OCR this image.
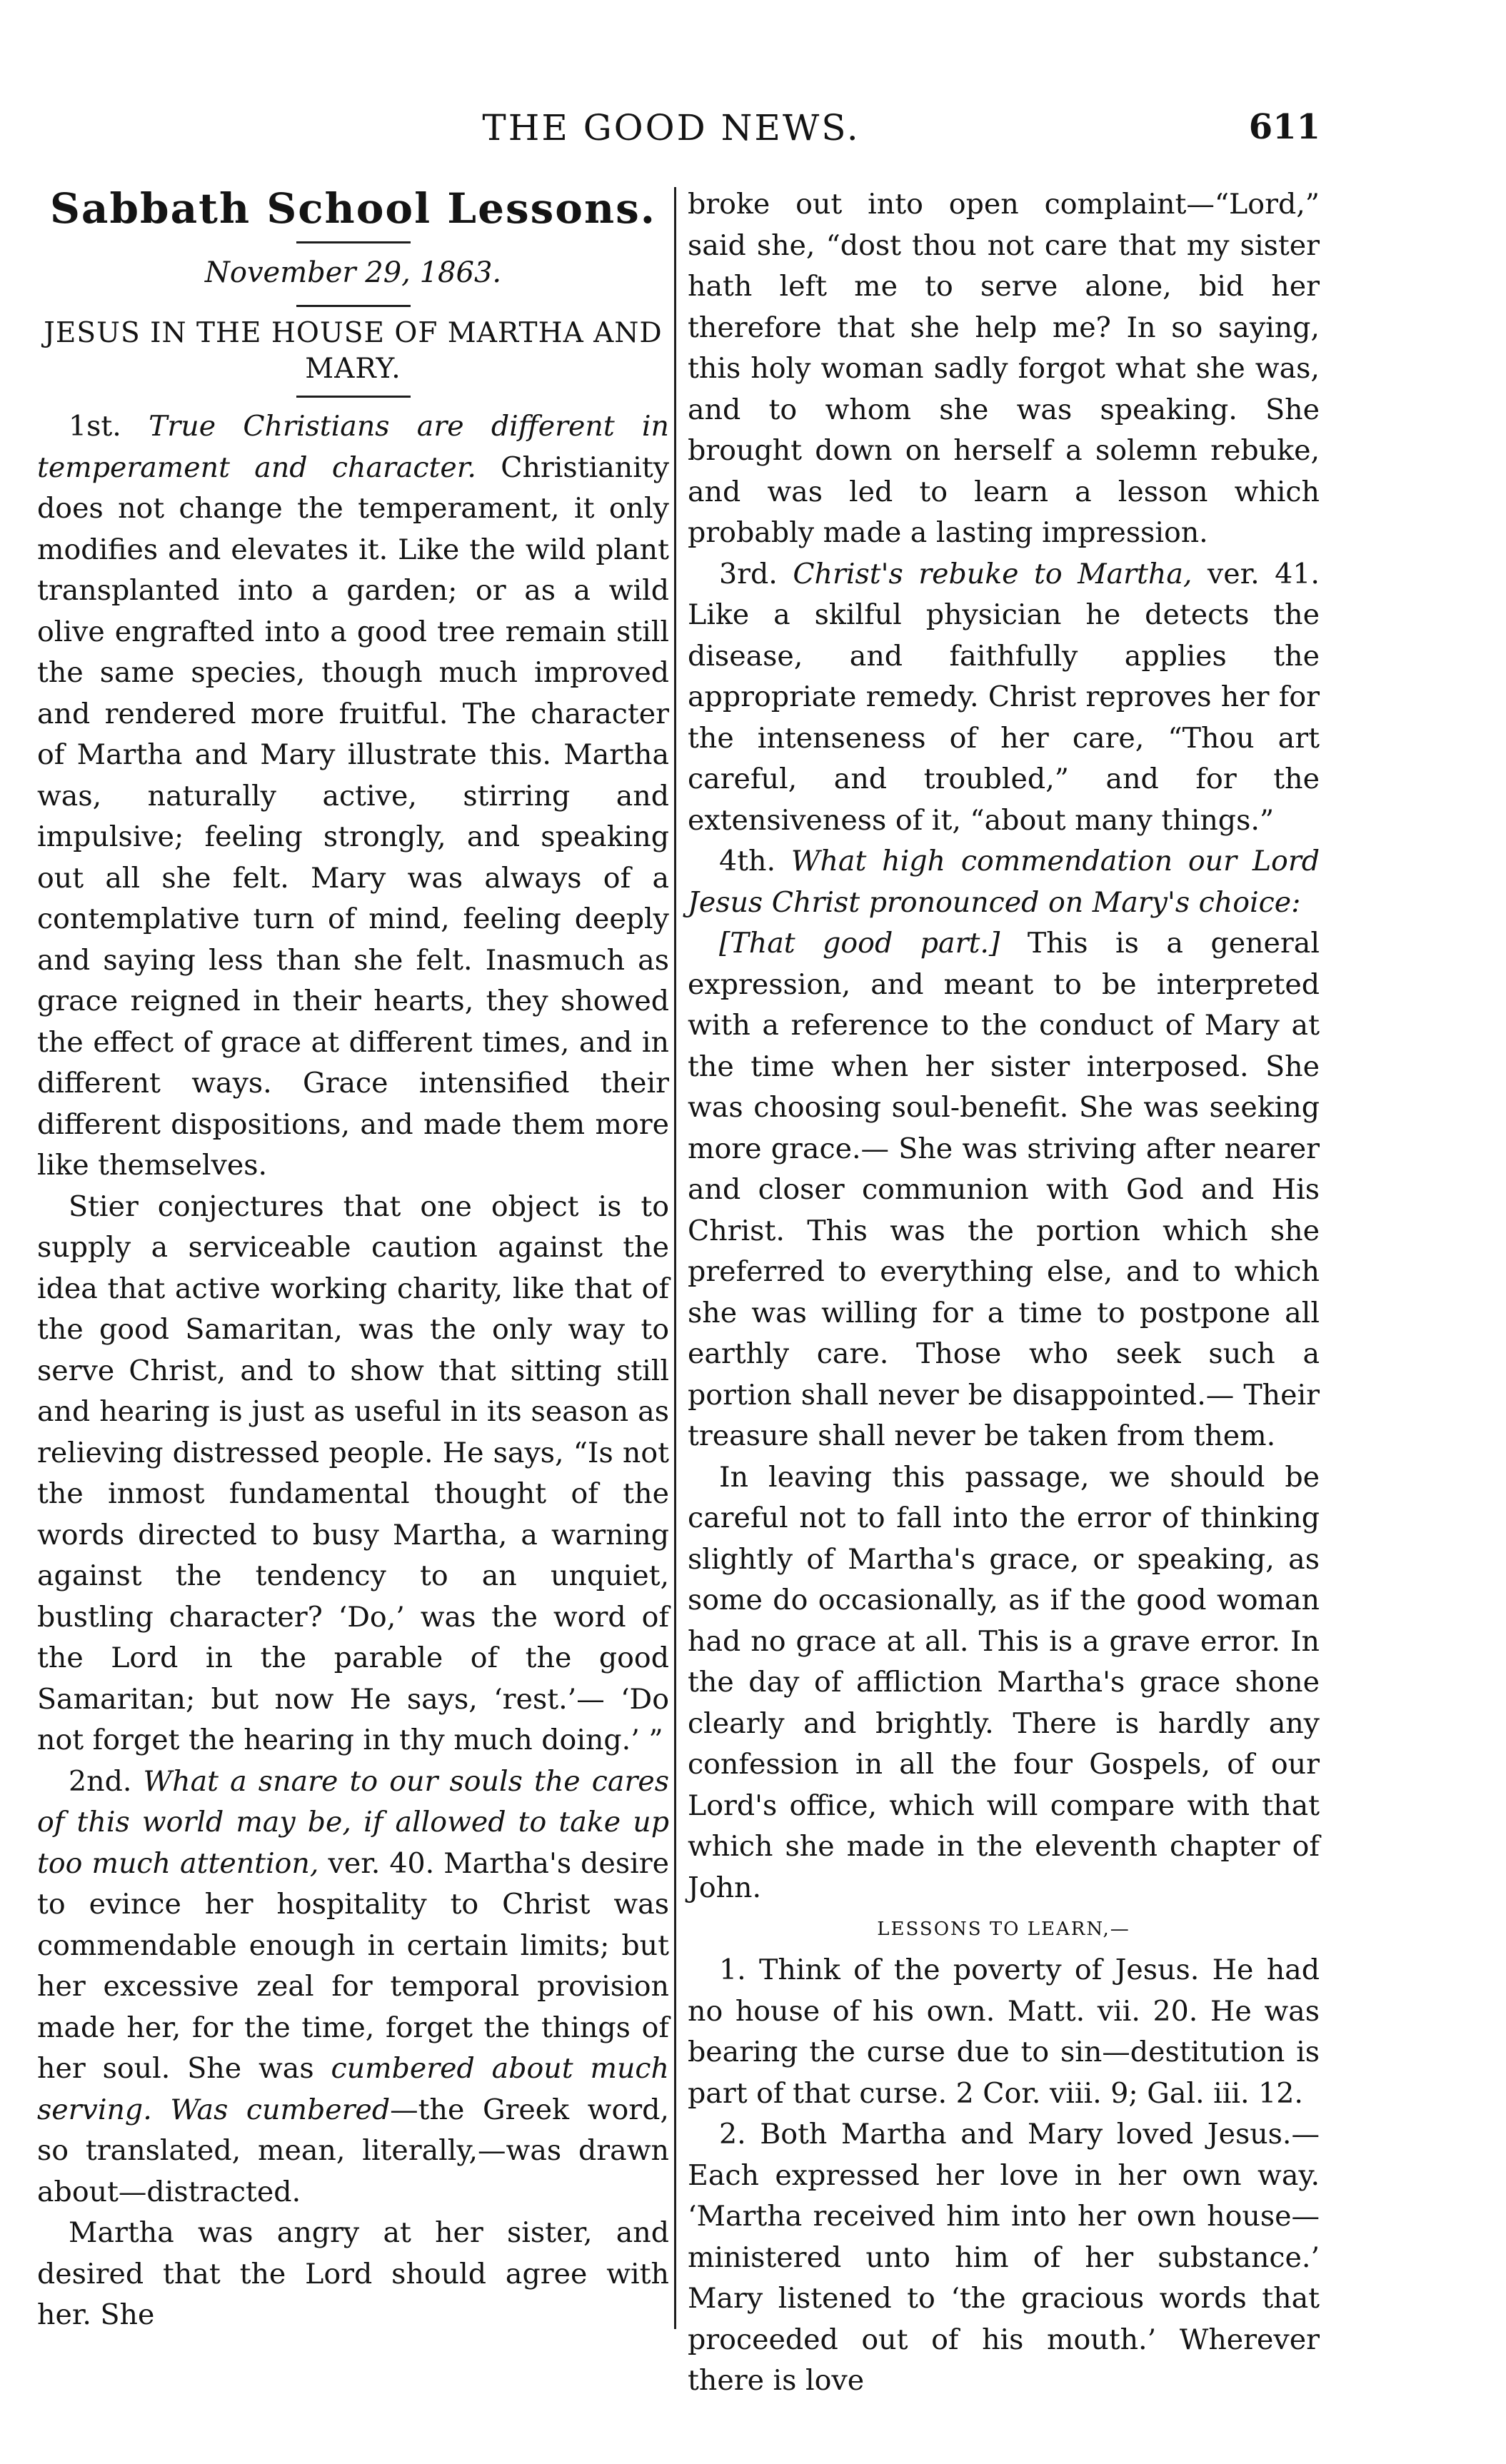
THE GOOD NEWS.	611
Sabbath School Lessons.
November 29, 1863.
JESUS IN THE HOUSE OF MARTHA AND MARY.

1st. True Christians are different in temperament and character. Christianity does not change the temperament, it only modifies and elevates it. Like the wild plant transplanted into a garden; or as a wild olive engrafted into a good tree remain still the same species, though much improved and rendered more fruitful. The character of Martha and Mary illustrate this. Martha was, naturally active, stirring and impulsive; feeling strongly, and speaking out all she felt. Mary was always of a contemplative turn of mind, feeling deeply and saying less than she felt. Inasmuch as grace reigned in their hearts, they showed the effect of grace at different times, and in different ways. Grace intensified their different dispositions, and made them more like themselves.

Stier conjectures that one object is to supply a serviceable caution against the idea that active working charity, like that of the good Samaritan, was the only way to serve Christ, and to show that sitting still and hearing is just as useful in its season as relieving distressed people. He says, “Is not the inmost fundamental thought of the words directed to busy Martha, a warning against the tendency to an unquiet, bustling character? ‘Do,’ was the word of the Lord in the parable of the good Samaritan; but now He says, ‘rest.’— ‘Do not forget the hearing in thy much doing.’ ”

2nd. What a snare to our souls the cares of this world may be, if allowed to take up too much attention, ver. 40. Martha's desire to evince her hospitality to Christ was commendable enough in certain limits; but her excessive zeal for temporal provision made her, for the time, forget the things of her soul. She was cumbered about much serving. Was cumbered—the Greek word, so translated, mean, literally,—was drawn about—distracted.

Martha was angry at her sister, and desired that the Lord should agree with her. She

broke out into open complaint—“Lord,” said she, “dost thou not care that my sister hath left me to serve alone, bid her therefore that she help me? In so saying, this holy woman sadly forgot what she was, and to whom she was speaking. She brought down on herself a solemn rebuke, and was led to learn a lesson which probably made a lasting impression.

3rd. Christ's rebuke to Martha, ver. 41. Like a skilful physician he detects the disease, and faithfully applies the appropriate remedy. Christ reproves her for the intenseness of her care, “Thou art careful, and troubled,” and for the extensiveness of it, “about many things.”

4th. What high commendation our Lord Jesus Christ pronounced on Mary's choice:

[That good part.] This is a general expression, and meant to be interpreted with a reference to the conduct of Mary at the time when her sister interposed. She was choosing soul-benefit. She was seeking more grace.— She was striving after nearer and closer communion with God and His Christ. This was the portion which she preferred to everything else, and to which she was willing for a time to postpone all earthly care. Those who seek such a portion shall never be disappointed.— Their treasure shall never be taken from them.

In leaving this passage, we should be careful not to fall into the error of thinking slightly of Martha's grace, or speaking, as some do occasionally, as if the good woman had no grace at all. This is a grave error. In the day of affliction Martha's grace shone clearly and brightly. There is hardly any confession in all the four Gospels, of our Lord's office, which will compare with that which she made in the eleventh chapter of John.

LESSONS TO LEARN,—

1. Think of the poverty of Jesus. He had no house of his own. Matt. vii. 20. He was bearing the curse due to sin—destitution is part of that curse. 2 Cor. viii. 9; Gal. iii. 12.

2. Both Martha and Mary loved Jesus.— Each expressed her love in her own way. ‘Martha received him into her own house— ministered unto him of her substance.’ Mary listened to ‘the gracious words that proceeded out of his mouth.’ Wherever there is love
